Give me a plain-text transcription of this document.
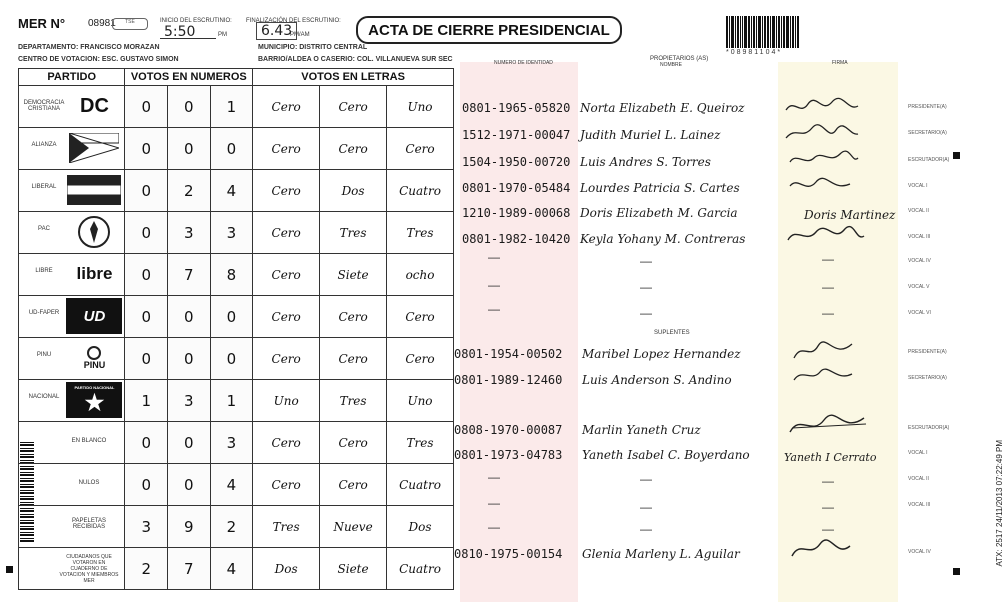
MER N° 08981	TSE	INICIO DEL ESCRUTINIO:
5:50	PM
FINALIZACIÓN DEL ESCRUTINIO:
6.43
PM/AM	ACTA DE CIERRE PRESIDENCIAL
*08981104*
DEPARTAMENTO: FRANCISCO MORAZAN
CENTRO DE VOTACION: ESC. GUSTAVO SIMON
MUNICIPIO: DISTRITO CENTRAL
BARRIO/ALDEA O CASERIO: COL. VILLANUEVA SUR SEC
PARTIDO	VOTOS EN NUMEROS			VOTOS EN LETRAS		

DEMOCRACIA CRISTIANA DC	0	0	1	Cero	Cero	Uno

ALIANZA	0	0	0	Cero	Cero	Cero

LIBERAL	0	2	4	Cero	Dos	Cuatro

PAC	0	3	3	Cero	Tres	Tres

LIBRE libre	0	7	8	Cero	Siete	ocho

UD-FAPER UD	0	0	0	Cero	Cero	Cero

PINU
PINU	0	0	0	Cero	Cero	Cero

NACIONAL
PARTIDO NACIONAL
★	1	3	1	Uno	Tres	Uno

EN BLANCO	0	0	3	Cero	Cero	Tres

NULOS	0	0	4	Cero	Cero	Cuatro

PAPELETAS RECIBIDAS	3	9	2	Tres	Nueve	Dos

CIUDADANOS QUE VOTARON EN CUADERNO DE VOTACION Y MIEMBROS MER	2	7	4	Dos	Siete	Cuatro
NUMERO DE IDENTIDAD
PROPIETARIOS (AS)
NOMBRE	FIRMA
0801-1965-05820 Norta Elizabeth E. Queiroz	PRESIDENTE(A)
1512-1971-00047 Judith Muriel L. Lainez	SECRETARIO(A)
1504-1950-00720 Luis Andres S. Torres	ESCRUTADOR(A)
0801-1970-05484 Lourdes Patricia S. Cartes	VOCAL I
1210-1989-00068 Doris Elizabeth M. Garcia	Doris Martinez	VOCAL II
0801-1982-10420 Keyla Yohany M. Contreras	VOCAL III
—	—	—	VOCAL IV
—	—	—	VOCAL V
—	—	—	VOCAL VI
SUPLENTES
0801-1954-00502 Maribel Lopez Hernandez	PRESIDENTE(A)
0801-1989-12460 Luis Anderson S. Andino	SECRETARIO(A)
0808-1970-00087 Marlin Yaneth Cruz	ESCRUTADOR(A)
0801-1973-04783 Yaneth Isabel C. Boyerdano	Yaneth I Cerrato	VOCAL I
—	—	—	VOCAL II
—	—	—	VOCAL III
—	—	—
0810-1975-00154 Glenia Marleny L. Aguilar	VOCAL IV	ATX: 2517 24/11/2013 07:22:49 PM
